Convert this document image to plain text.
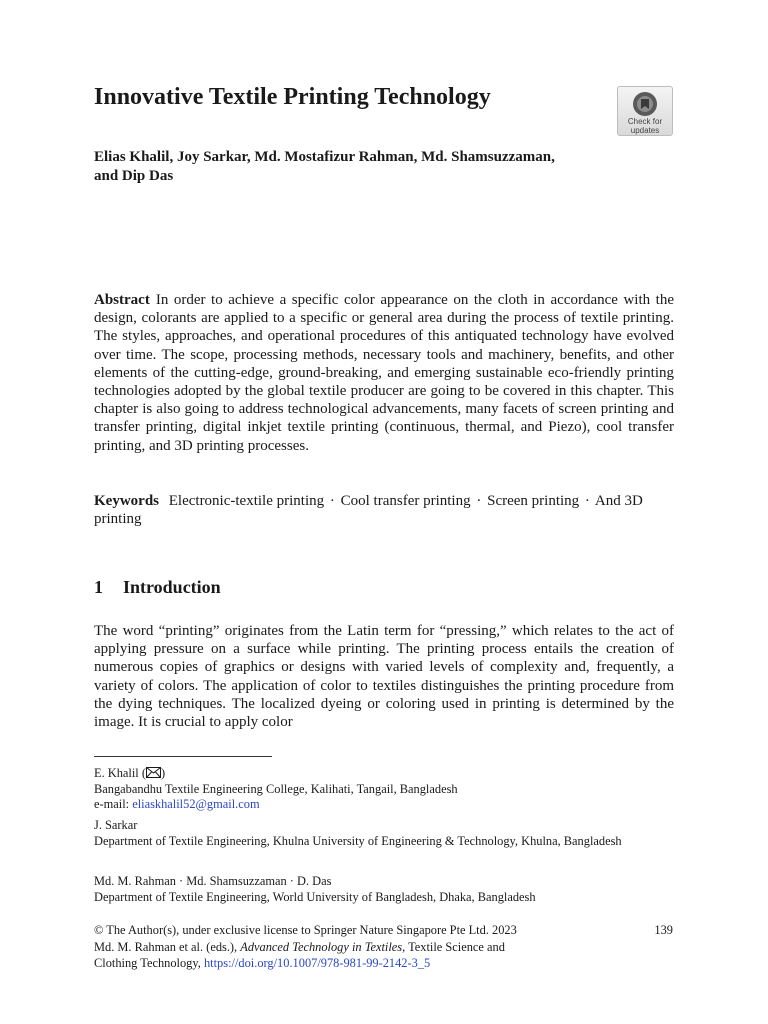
Innovative Textile Printing Technology
Check for
updates
Elias Khalil, Joy Sarkar, Md. Mostafizur Rahman, Md. Shamsuzzaman,
and Dip Das
Abstract In order to achieve a specific color appearance on the cloth in accordance with the design, colorants are applied to a specific or general area during the process of textile printing. The styles, approaches, and operational procedures of this antiquated technology have evolved over time. The scope, processing methods, necessary tools and machinery, benefits, and other elements of the cutting-edge, ground-breaking, and emerging sustainable eco-friendly printing technologies adopted by the global textile producer are going to be covered in this chapter. This chapter is also going to address technological advancements, many facets of screen printing and transfer printing, digital inkjet textile printing (continuous, thermal, and Piezo), cool transfer printing, and 3D printing processes.
Keywords Electronic-textile printing · Cool transfer printing · Screen printing · And 3D printing
1 Introduction
The word “printing” originates from the Latin term for “pressing,” which relates to the act of applying pressure on a surface while printing. The printing process entails the creation of numerous copies of graphics or designs with varied levels of complexity and, frequently, a variety of colors. The application of color to textiles distinguishes the printing procedure from the dying techniques. The localized dyeing or coloring used in printing is determined by the image. It is crucial to apply color
E. Khalil ( )
Bangabandhu Textile Engineering College, Kalihati, Tangail, Bangladesh
e-mail: eliaskhalil52@gmail.com
J. Sarkar
Department of Textile Engineering, Khulna University of Engineering & Technology, Khulna, Bangladesh
Md. M. Rahman · Md. Shamsuzzaman · D. Das
Department of Textile Engineering, World University of Bangladesh, Dhaka, Bangladesh
© The Author(s), under exclusive license to Springer Nature Singapore Pte Ltd. 2023
Md. M. Rahman et al. (eds.), Advanced Technology in Textiles, Textile Science and
Clothing Technology, https://doi.org/10.1007/978-981-99-2142-3_5
139
